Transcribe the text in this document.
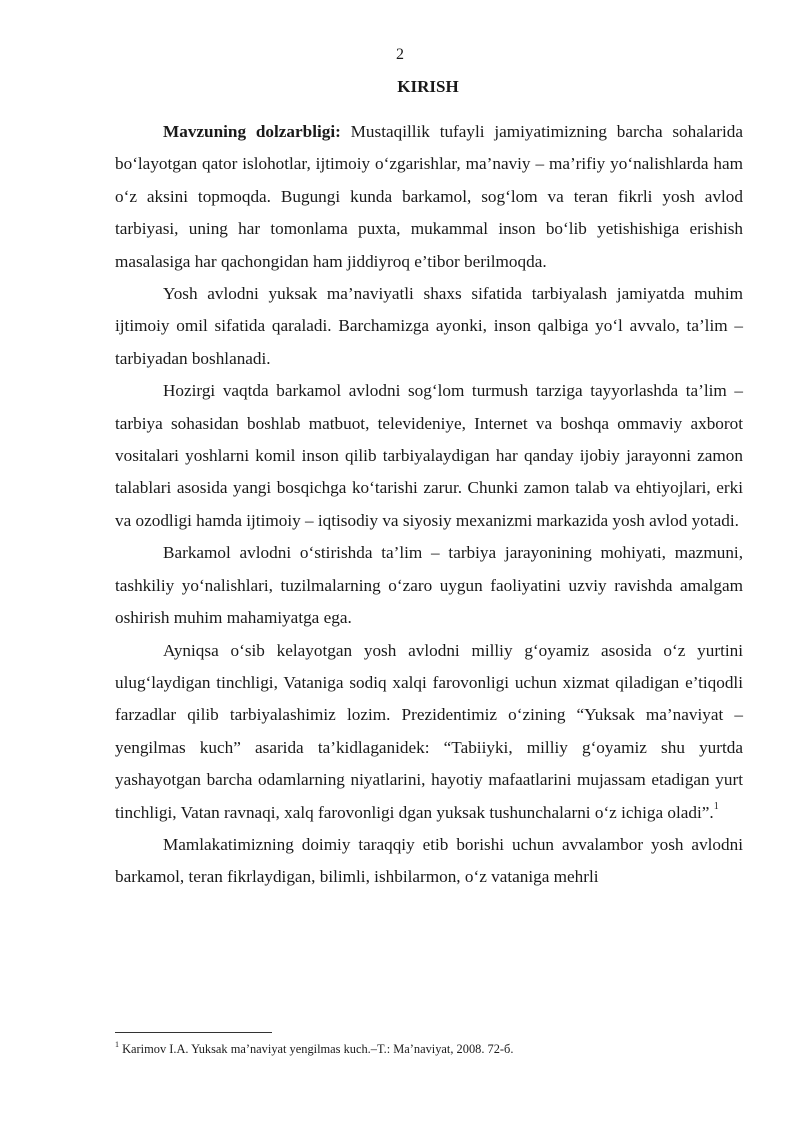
2
KIRISH

Mavzuning dolzarbligi: Mustaqillik tufayli jamiyatimizning barcha sohalarida bo‘layotgan qator islohotlar, ijtimoiy o‘zgarishlar, ma’naviy – ma’rifiy yo‘nalishlarda ham o‘z aksini topmoqda. Bugungi kunda barkamol, sog‘lom va teran fikrli yosh avlod tarbiyasi, uning har tomonlama puxta, mukammal inson bo‘lib yetishishiga erishish masalasiga har qachongidan ham jiddiyroq e’tibor berilmoqda.

Yosh avlodni yuksak ma’naviyatli shaxs sifatida tarbiyalash jamiyatda muhim ijtimoiy omil sifatida qaraladi. Barchamizga ayonki, inson qalbiga yo‘l avvalo, ta’lim – tarbiyadan boshlanadi.

Hozirgi vaqtda barkamol avlodni sog‘lom turmush tarziga tayyorlashda ta’lim – tarbiya sohasidan boshlab matbuot, televideniye, Internet va boshqa ommaviy axborot vositalari yoshlarni komil inson qilib tarbiyalaydigan har qanday ijobiy jarayonni zamon talablari asosida yangi bosqichga ko‘tarishi zarur. Chunki zamon talab va ehtiyojlari, erki va ozodligi hamda ijtimoiy – iqtisodiy va siyosiy mexanizmi markazida yosh avlod yotadi.

Barkamol avlodni o‘stirishda ta’lim – tarbiya jarayonining mohiyati, mazmuni, tashkiliy yo‘nalishlari, tuzilmalarning o‘zaro uygun faoliyatini uzviy ravishda amalgam oshirish muhim mahamiyatga ega.

Ayniqsa o‘sib kelayotgan yosh avlodni milliy g‘oyamiz asosida o‘z yurtini ulug‘laydigan tinchligi, Vataniga sodiq xalqi farovonligi uchun xizmat qiladigan e’tiqodli farzadlar qilib tarbiyalashimiz lozim. Prezidentimiz o‘zining “Yuksak ma’naviyat – yengilmas kuch” asarida ta’kidlaganidek: “Tabiiyki, milliy g‘oyamiz shu yurtda yashayotgan barcha odamlarning niyatlarini, hayotiy mafaatlarini mujassam etadigan yurt tinchligi, Vatan ravnaqi, xalq farovonligi dgan yuksak tushunchalarni o‘z ichiga oladi”.$^1$

Mamlakatimizning doimiy taraqqiy etib borishi uchun avvalambor yosh avlodni barkamol, teran fikrlaydigan, bilimli, ishbilarmon, o‘z vataniga mehrli

$^1$ Karimov I.A. Yuksak ma’naviyat yengilmas kuch.–T.: Ma’naviyat, 2008. 72-б.
